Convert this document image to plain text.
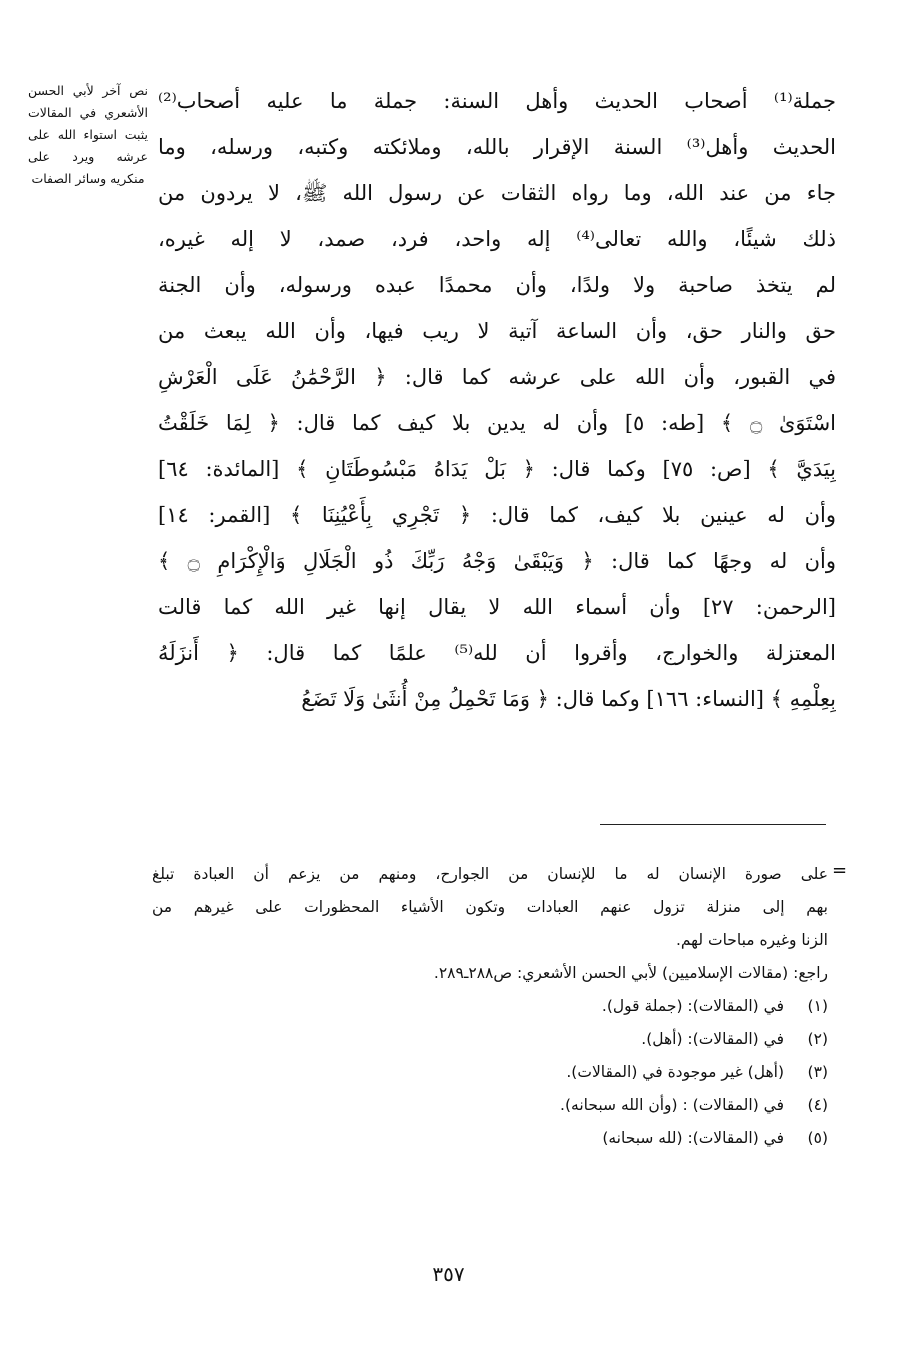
نص آخر لأبي الحسن الأشعري في المقالات يثبت استواء الله على عرشه ويرد على منكريه وسائر الصفات
جملة⁽¹⁾ أصحاب الحديث وأهل السنة: جملة ما عليه أصحاب⁽²⁾
الحديث وأهل⁽³⁾ السنة الإقرار بالله، وملائكته وكتبه، ورسله، وما
جاء من عند الله، وما رواه الثقات عن رسول الله ﷺ، لا يردون من
ذلك شيئًا، والله تعالى⁽⁴⁾ إله واحد، فرد، صمد، لا إله غيره،
لم يتخذ صاحبة ولا ولدًا، وأن محمدًا عبده ورسوله، وأن الجنة
حق والنار حق، وأن الساعة آتية لا ريب فيها، وأن الله يبعث من
في القبور، وأن الله على عرشه كما قال: ﴿ الرَّحْمَٰنُ عَلَى الْعَرْشِ
اسْتَوَىٰ ۝ ﴾ [طه: ٥] وأن له يدين بلا كيف كما قال: ﴿ لِمَا خَلَقْتُ
بِيَدَيَّ ﴾ [ص: ٧٥] وكما قال: ﴿ بَلْ يَدَاهُ مَبْسُوطَتَانِ ﴾ [المائدة: ٦٤]
وأن له عينين بلا كيف، كما قال: ﴿ تَجْرِي بِأَعْيُنِنَا ﴾ [القمر: ١٤]
وأن له وجهًا كما قال: ﴿ وَيَبْقَىٰ وَجْهُ رَبِّكَ ذُو الْجَلَالِ وَالْإِكْرَامِ ۝ ﴾
[الرحمن: ٢٧] وأن أسماء الله لا يقال إنها غير الله كما قالت
المعتزلة والخوارج، وأقروا أن لله⁽⁵⁾ علمًا كما قال: ﴿ أَنزَلَهُ
بِعِلْمِهِ ﴾ [النساء: ١٦٦] وكما قال: ﴿ وَمَا تَحْمِلُ مِنْ أُنثَىٰ وَلَا تَضَعُ
=
على صورة الإنسان له ما للإنسان من الجوارح، ومنهم من يزعم أن العبادة تبلغ
بهم إلى منزلة تزول عنهم العبادات وتكون الأشياء المحظورات على غيرهم من
الزنا وغيره مباحات لهم.
راجع: (مقالات الإسلاميين) لأبي الحسن الأشعري: ص٢٨٨ـ٢٨٩.
(١)في (المقالات): (جملة قول).
(٢)في (المقالات): (أهل).
(٣)(أهل) غير موجودة في (المقالات).
(٤)في (المقالات) : (وأن الله سبحانه).
(٥)في (المقالات): (لله سبحانه)
٣٥٧
